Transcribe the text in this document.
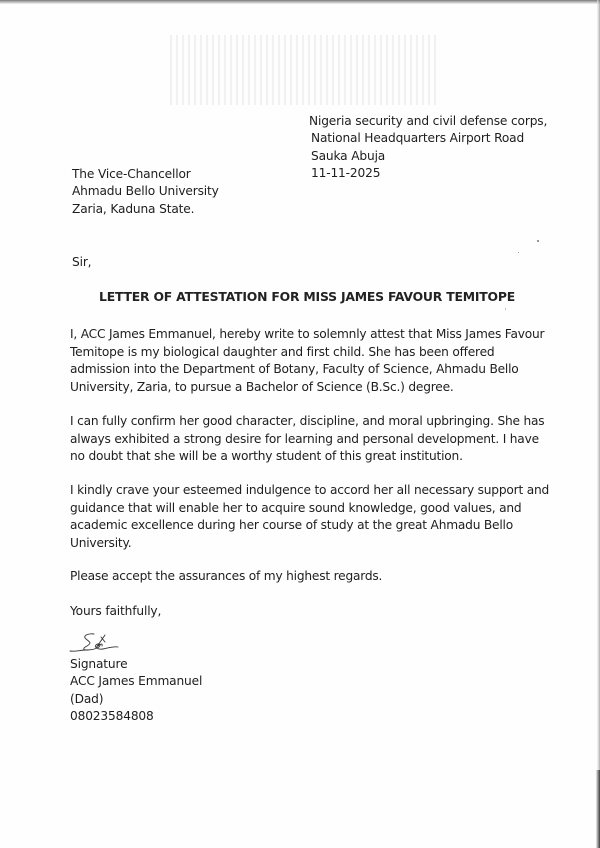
Nigeria security and civil defense corps,
National Headquarters Airport Road
Sauka Abuja
11-11-2025
The Vice-Chancellor
Ahmadu Bello University
Zaria, Kaduna State.
Sir,
LETTER OF ATTESTATION FOR MISS JAMES FAVOUR TEMITOPE
I, ACC James Emmanuel, hereby write to solemnly attest that Miss James Favour
Temitope is my biological daughter and first child. She has been offered
admission into the Department of Botany, Faculty of Science, Ahmadu Bello
University, Zaria, to pursue a Bachelor of Science (B.Sc.) degree.
I can fully confirm her good character, discipline, and moral upbringing. She has
always exhibited a strong desire for learning and personal development. I have
no doubt that she will be a worthy student of this great institution.
I kindly crave your esteemed indulgence to accord her all necessary support and
guidance that will enable her to acquire sound knowledge, good values, and
academic excellence during her course of study at the great Ahmadu Bello
University.
Please accept the assurances of my highest regards.
Yours faithfully,
Signature
ACC James Emmanuel
(Dad)
08023584808
